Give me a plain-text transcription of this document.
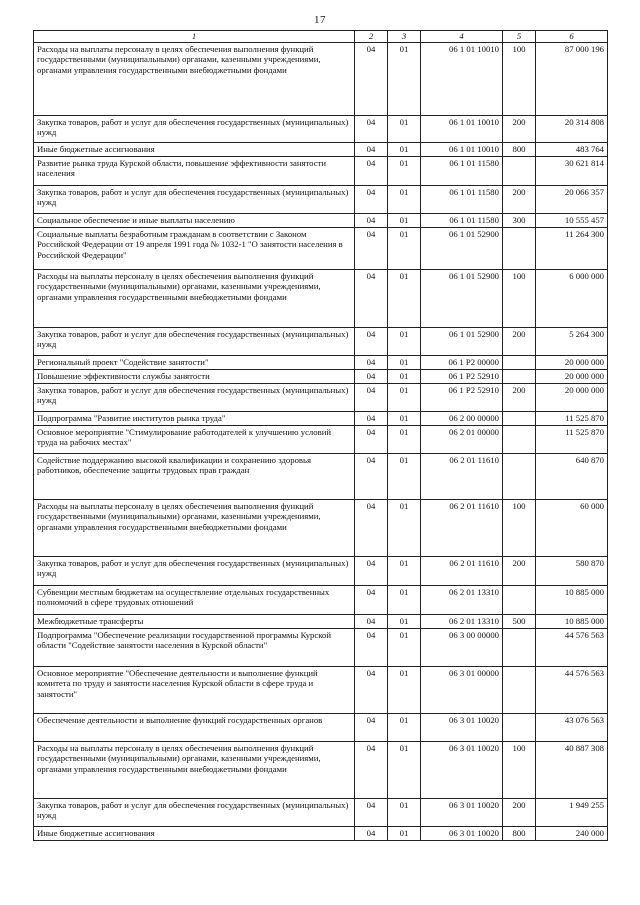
17
1	2	3	4	5	6
Расходы на выплаты персоналу в целях обеспечения выполнения функций государственными (муниципальными) органами, казенными учреждениями, органами управления государственными внебюджетными фондами	04	01	06 1 01 10010	100	87 000 196
Закупка товаров, работ и услуг для обеспечения государственных (муниципальных) нужд	04	01	06 1 01 10010	200	20 314 808
Иные бюджетные ассигнования	04	01	06 1 01 10010	800	483 764
Развитие рынка труда Курской области, повышение эффективности занятости населения	04	01	06 1 01 11580		30 621 814
Закупка товаров, работ и услуг для обеспечения государственных (муниципальных) нужд	04	01	06 1 01 11580	200	20 066 357
Социальное обеспечение и иные выплаты населению	04	01	06 1 01 11580	300	10 555 457
Социальные выплаты безработным гражданам в соответствии с Законом Российской Федерации от 19 апреля 1991 года № 1032-1 "О занятости населения в Российской Федерации"	04	01	06 1 01 52900		11 264 300
Расходы на выплаты персоналу в целях обеспечения выполнения функций государственными (муниципальными) органами, казенными учреждениями, органами управления государственными внебюджетными фондами	04	01	06 1 01 52900	100	6 000 000
Закупка товаров, работ и услуг для обеспечения государственных (муниципальных) нужд	04	01	06 1 01 52900	200	5 264 300
Региональный проект "Содействие занятости"	04	01	06 1 P2 00000		20 000 000
Повышение эффективности службы занятости	04	01	06 1 P2 52910		20 000 000
Закупка товаров, работ и услуг для обеспечения государственных (муниципальных) нужд	04	01	06 1 P2 52910	200	20 000 000
Подпрограмма "Развитие институтов рынка труда"	04	01	06 2 00 00000		11 525 870
Основное мероприятие "Стимулирование работодателей к улучшению условий труда на рабочих местах"	04	01	06 2 01 00000		11 525 870
Содействие поддержанию высокой квалификации и сохранению здоровья работников, обеспечение защиты трудовых прав граждан	04	01	06 2 01 11610		640 870
Расходы на выплаты персоналу в целях обеспечения выполнения функций государственными (муниципальными) органами, казенными учреждениями, органами управления государственными внебюджетными фондами	04	01	06 2 01 11610	100	60 000
Закупка товаров, работ и услуг для обеспечения государственных (муниципальных) нужд	04	01	06 2 01 11610	200	580 870
Субвенции местным бюджетам на осуществление отдельных государственных полномочий в сфере трудовых отношений	04	01	06 2 01 13310		10 885 000
Межбюджетные трансферты	04	01	06 2 01 13310	500	10 885 000
Подпрограмма "Обеспечение реализации государственной программы Курской области "Содействие занятости населения в Курской области"	04	01	06 3 00 00000		44 576 563
Основное мероприятие "Обеспечение деятельности и выполнение функций комитета по труду и занятости населения Курской области в сфере труда и занятости"	04	01	06 3 01 00000		44 576 563
Обеспечение деятельности и выполнение функций государственных органов	04	01	06 3 01 10020		43 076 563
Расходы на выплаты персоналу в целях обеспечения выполнения функций государственными (муниципальными) органами, казенными учреждениями, органами управления государственными внебюджетными фондами	04	01	06 3 01 10020	100	40 887 308
Закупка товаров, работ и услуг для обеспечения государственных (муниципальных) нужд	04	01	06 3 01 10020	200	1 949 255
Иные бюджетные ассигнования	04	01	06 3 01 10020	800	240 000
